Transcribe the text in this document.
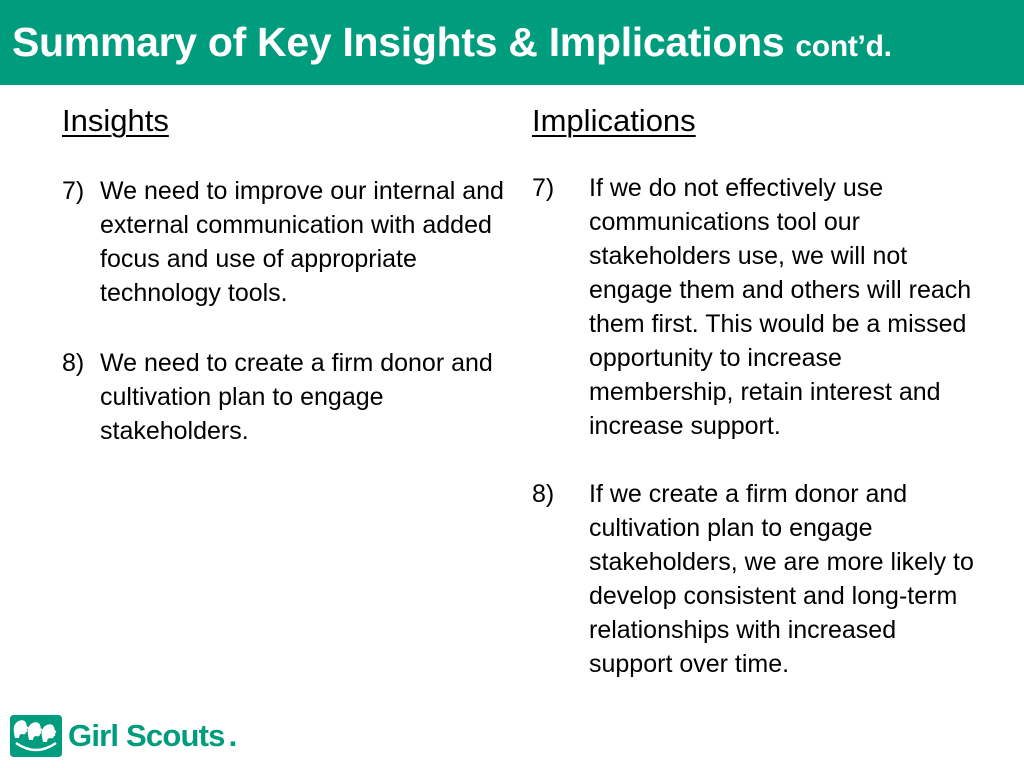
Summary of Key Insights & Implications cont’d.
Insights
7) We need to improve our internal and external communication with added focus and use of appropriate technology tools.
8) We need to create a firm donor and cultivation plan to engage stakeholders.
Implications
7) If we do not effectively use communications tool our stakeholders use, we will not engage them and others will reach them first. This would be a missed opportunity to increase membership, retain interest and increase support.
8) If we create a firm donor and cultivation plan to engage stakeholders, we are more likely to develop consistent and long-term relationships with increased support over time.
Girl Scouts .
